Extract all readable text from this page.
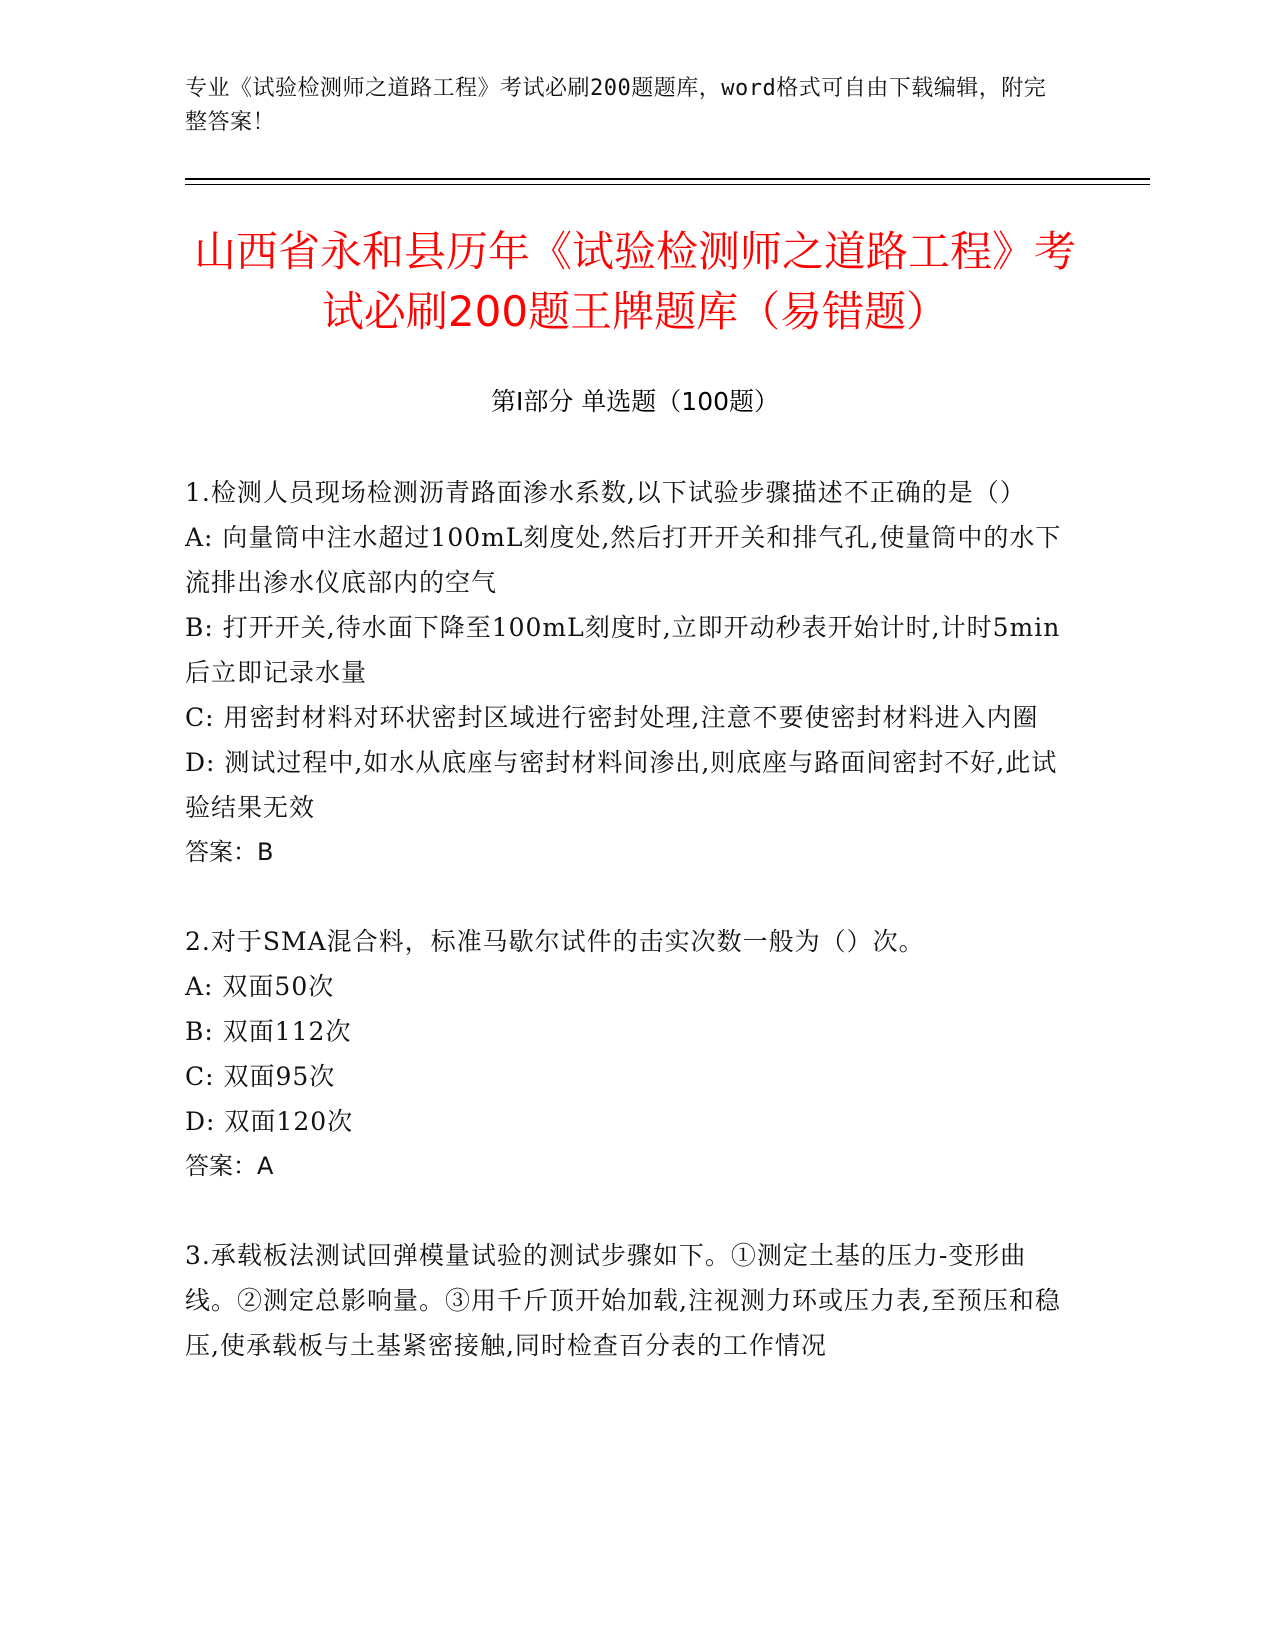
专业《试验检测师之道路工程》考试必刷200题题库，word格式可自由下载编辑，附完整答案！
山西省永和县历年《试验检测师之道路工程》考试必刷200题王牌题库（易错题）
第Ⅰ部分 单选题（100题）

1.检测人员现场检测沥青路面渗水系数,以下试验步骤描述不正确的是（）

A: 向量筒中注水超过100mL刻度处,然后打开开关和排气孔,使量筒中的水下流排出渗水仪底部内的空气

B: 打开开关,待水面下降至100mL刻度时,立即开动秒表开始计时,计时5min后立即记录水量

C: 用密封材料对环状密封区域进行密封处理,注意不要使密封材料进入内圈

D: 测试过程中,如水从底座与密封材料间渗出,则底座与路面间密封不好,此试验结果无效

答案：B

2.对于SMA混合料，标准马歇尔试件的击实次数一般为（）次。

A: 双面50次

B: 双面112次

C: 双面95次

D: 双面120次

答案：A

3.承载板法测试回弹模量试验的测试步骤如下。①测定土基的压力-变形曲线。②测定总影响量。③用千斤顶开始加载,注视测力环或压力表,至预压和稳压,使承载板与土基紧密接触,同时检查百分表的工作情况
